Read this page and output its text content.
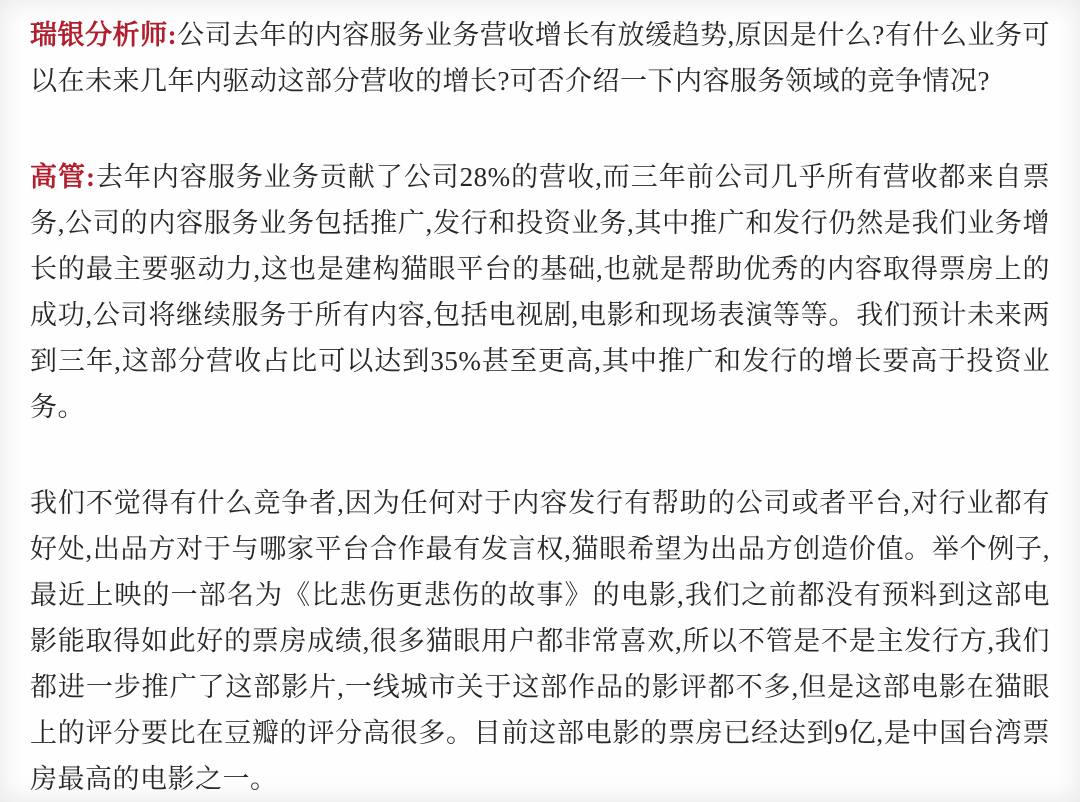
瑞银分析师:公司去年的内容服务业务营收增长有放缓趋势,原因是什么?有什么业务可以在未来几年内驱动这部分营收的增长?可否介绍一下内容服务领域的竞争情况?

高管:去年内容服务业务贡献了公司28%的营收,而三年前公司几乎所有营收都来自票务,公司的内容服务业务包括推广,发行和投资业务,其中推广和发行仍然是我们业务增长的最主要驱动力,这也是建构猫眼平台的基础,也就是帮助优秀的内容取得票房上的成功,公司将继续服务于所有内容,包括电视剧,电影和现场表演等等。我们预计未来两到三年,这部分营收占比可以达到35%甚至更高,其中推广和发行的增长要高于投资业务。

我们不觉得有什么竞争者,因为任何对于内容发行有帮助的公司或者平台,对行业都有好处,出品方对于与哪家平台合作最有发言权,猫眼希望为出品方创造价值。举个例子,最近上映的一部名为《比悲伤更悲伤的故事》的电影,我们之前都没有预料到这部电影能取得如此好的票房成绩,很多猫眼用户都非常喜欢,所以不管是不是主发行方,我们都进一步推广了这部影片,一线城市关于这部作品的影评都不多,但是这部电影在猫眼上的评分要比在豆瓣的评分高很多。目前这部电影的票房已经达到9亿,是中国台湾票房最高的电影之一。
